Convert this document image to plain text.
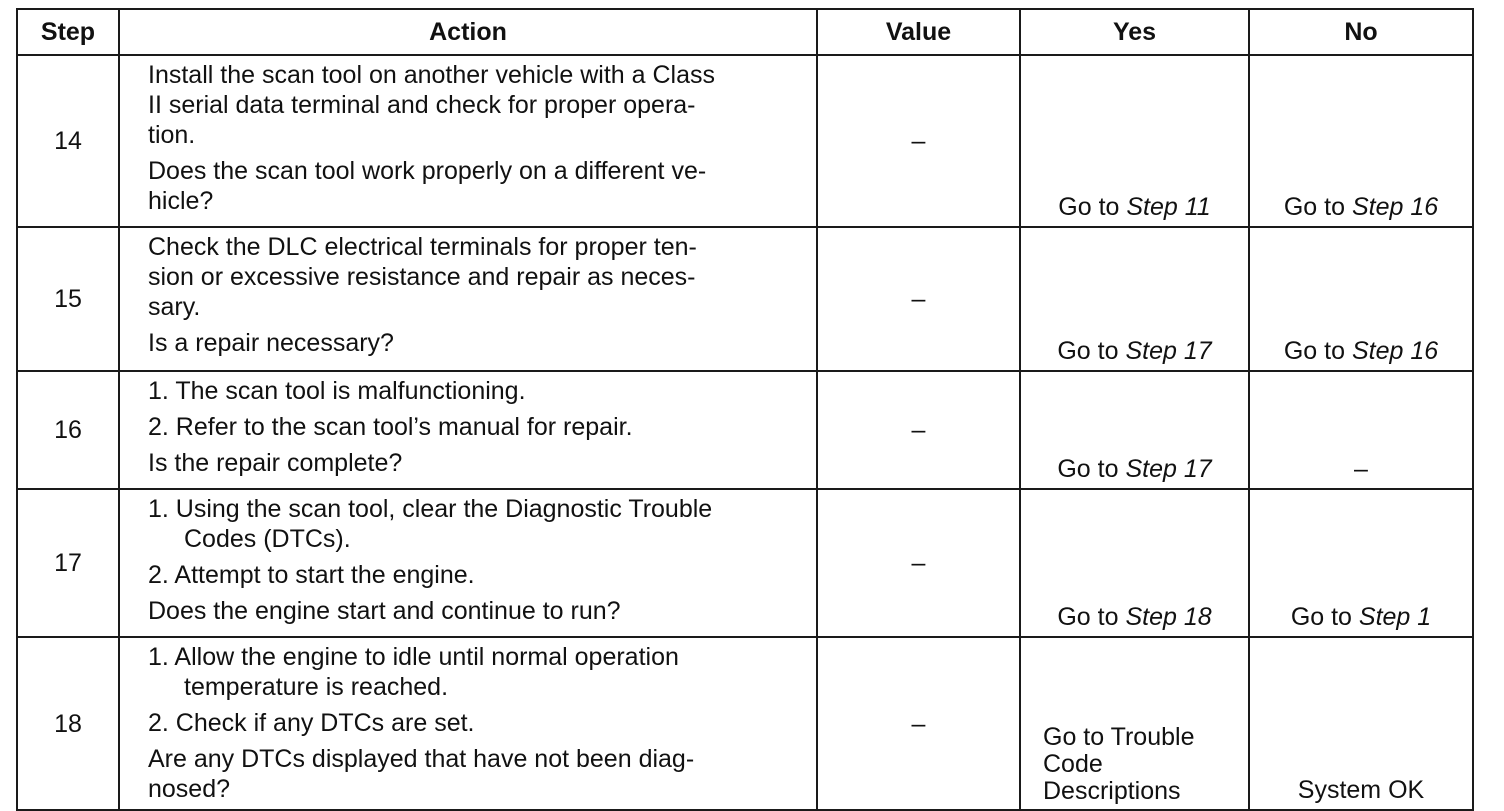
Step	Action	Value	Yes	No
14	Install the scan tool on another vehicle with a Class
II serial data terminal and check for proper opera-
tion.
Does the scan tool work properly on a different ve-
hicle?	–	Go to Step 11	Go to Step 16
15	Check the DLC electrical terminals for proper ten-
sion or excessive resistance and repair as neces-
sary.
Is a repair necessary?	–	Go to Step 17	Go to Step 16
16	1. The scan tool is malfunctioning.
2. Refer to the scan tool’s manual for repair.
Is the repair complete?	–	Go to Step 17	–
17	1. Using the scan tool, clear the Diagnostic Trouble Codes (DTCs).
2. Attempt to start the engine.
Does the engine start and continue to run?	–	Go to Step 18	Go to Step 1
18	1. Allow the engine to idle until normal operation temperature is reached.
2. Check if any DTCs are set.
Are any DTCs displayed that have not been diag-
nosed?	–	Go to Trouble
Code
Descriptions	System OK
